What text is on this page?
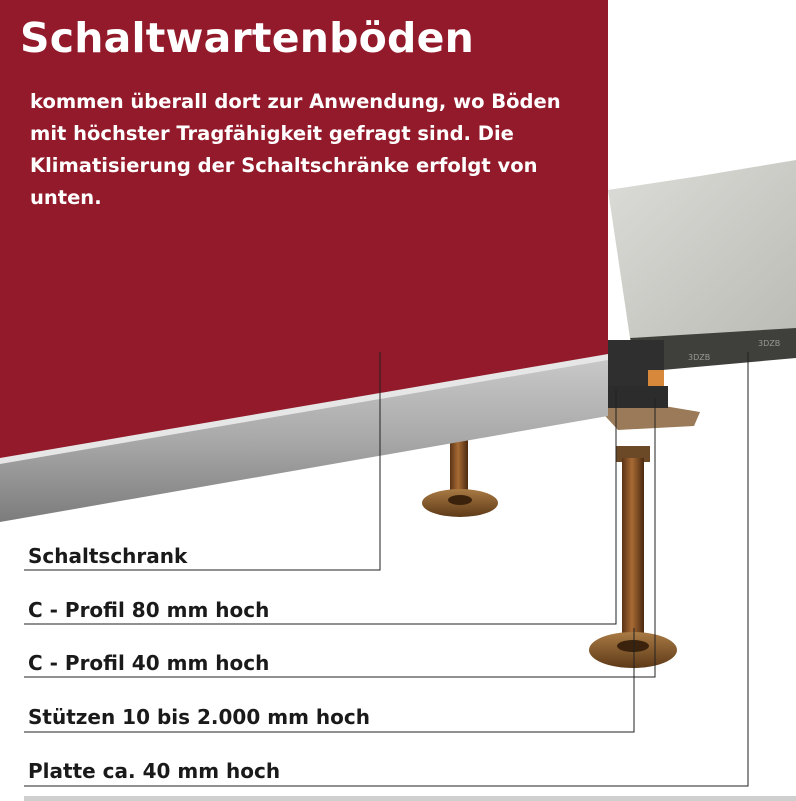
3DZB
3DZB
Schaltwartenböden

kommen überall dort zur Anwendung, wo Böden mit höchster Tragfähigkeit gefragt sind. Die Klimatisierung der Schaltschränke erfolgt von unten.

Schaltschrank

C - Profil 80 mm hoch

C - Profil 40 mm hoch

Stützen 10 bis 2.000 mm hoch

Platte ca. 40 mm hoch
